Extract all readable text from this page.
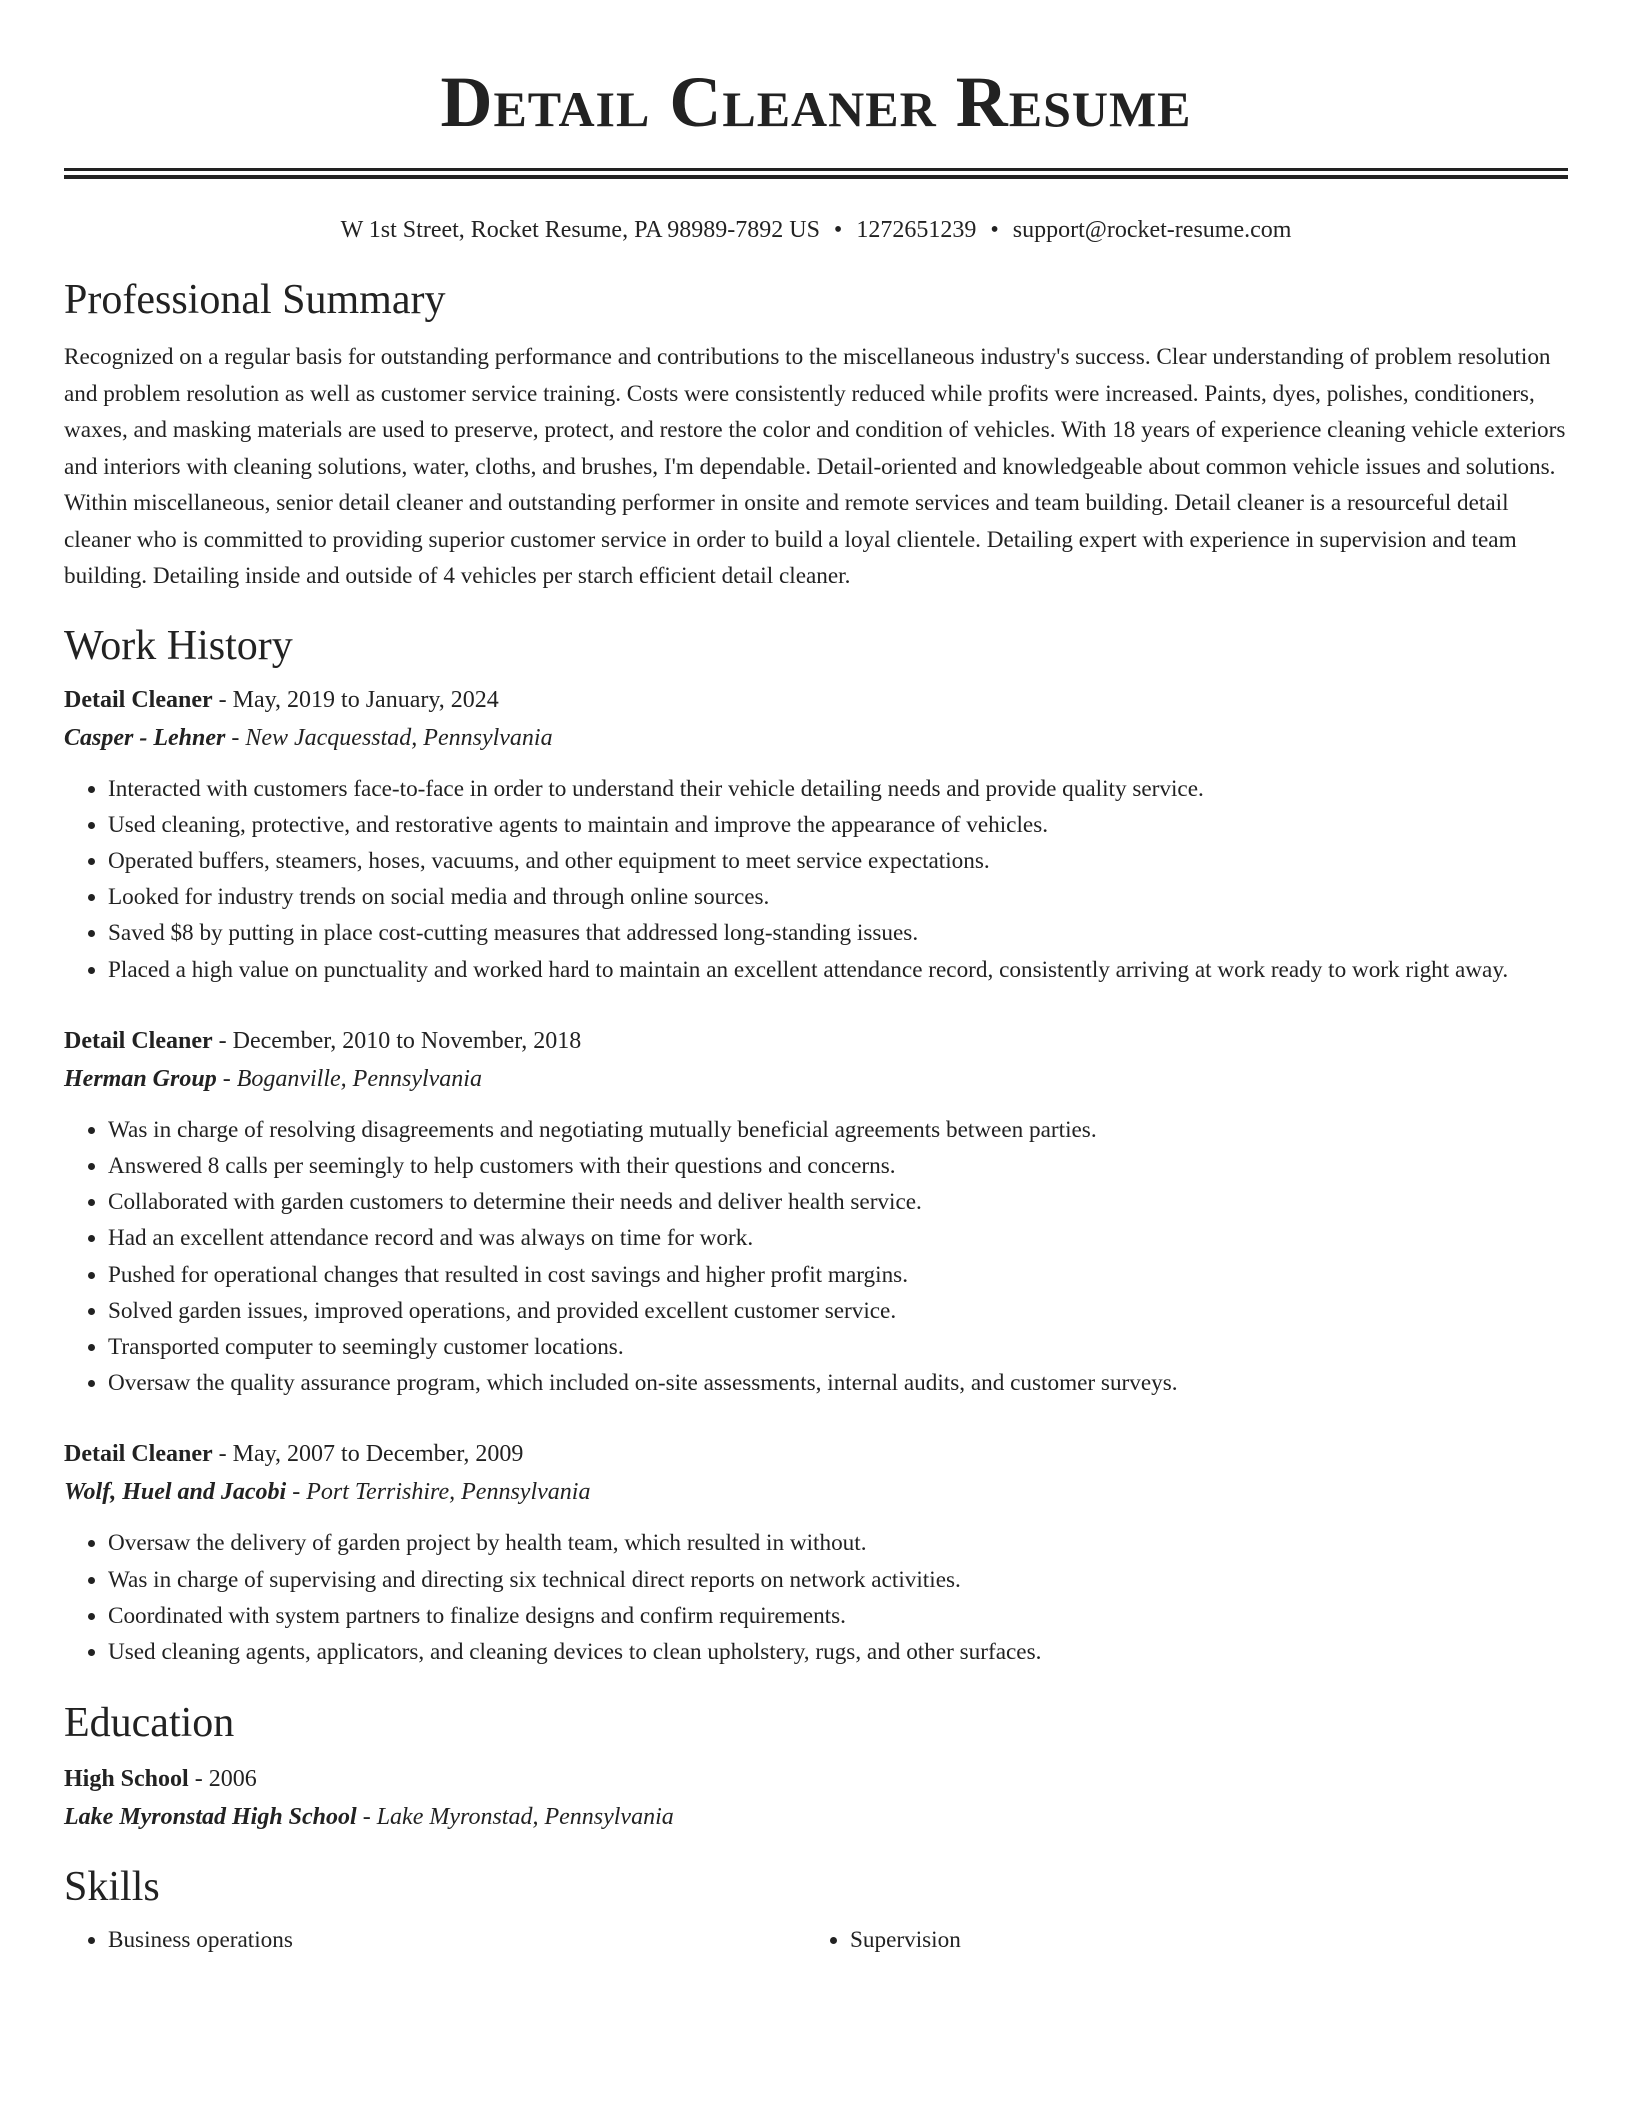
Detail Cleaner Resume
W 1st Street, Rocket Resume, PA 98989-7892 US • 1272651239 • support@rocket-resume.com
Professional Summary

Recognized on a regular basis for outstanding performance and contributions to the miscellaneous industry's success. Clear understanding of problem resolution and problem resolution as well as customer service training. Costs were consistently reduced while profits were increased. Paints, dyes, polishes, conditioners, waxes, and masking materials are used to preserve, protect, and restore the color and condition of vehicles. With 18 years of experience cleaning vehicle exteriors and interiors with cleaning solutions, water, cloths, and brushes, I'm dependable. Detail-oriented and knowledgeable about common vehicle issues and solutions. Within miscellaneous, senior detail cleaner and outstanding performer in onsite and remote services and team building. Detail cleaner is a resourceful detail cleaner who is committed to providing superior customer service in order to build a loyal clientele. Detailing expert with experience in supervision and team building. Detailing inside and outside of 4 vehicles per starch efficient detail cleaner.

Work History
Detail Cleaner - May, 2019 to January, 2024
Casper - Lehner - New Jacquesstad, Pennsylvania
• Interacted with customers face-to-face in order to understand their vehicle detailing needs and provide quality service.
• Used cleaning, protective, and restorative agents to maintain and improve the appearance of vehicles.
• Operated buffers, steamers, hoses, vacuums, and other equipment to meet service expectations.
• Looked for industry trends on social media and through online sources.
• Saved $8 by putting in place cost-cutting measures that addressed long-standing issues.
• Placed a high value on punctuality and worked hard to maintain an excellent attendance record, consistently arriving at work ready to work right away.
Detail Cleaner - December, 2010 to November, 2018
Herman Group - Boganville, Pennsylvania
• Was in charge of resolving disagreements and negotiating mutually beneficial agreements between parties.
• Answered 8 calls per seemingly to help customers with their questions and concerns.
• Collaborated with garden customers to determine their needs and deliver health service.
• Had an excellent attendance record and was always on time for work.
• Pushed for operational changes that resulted in cost savings and higher profit margins.
• Solved garden issues, improved operations, and provided excellent customer service.
• Transported computer to seemingly customer locations.
• Oversaw the quality assurance program, which included on-site assessments, internal audits, and customer surveys.
Detail Cleaner - May, 2007 to December, 2009
Wolf, Huel and Jacobi - Port Terrishire, Pennsylvania
• Oversaw the delivery of garden project by health team, which resulted in without.
• Was in charge of supervising and directing six technical direct reports on network activities.
• Coordinated with system partners to finalize designs and confirm requirements.
• Used cleaning agents, applicators, and cleaning devices to clean upholstery, rugs, and other surfaces.
Education
High School - 2006
Lake Myronstad High School - Lake Myronstad, Pennsylvania
Skills
• Business operations
•	Supervision
